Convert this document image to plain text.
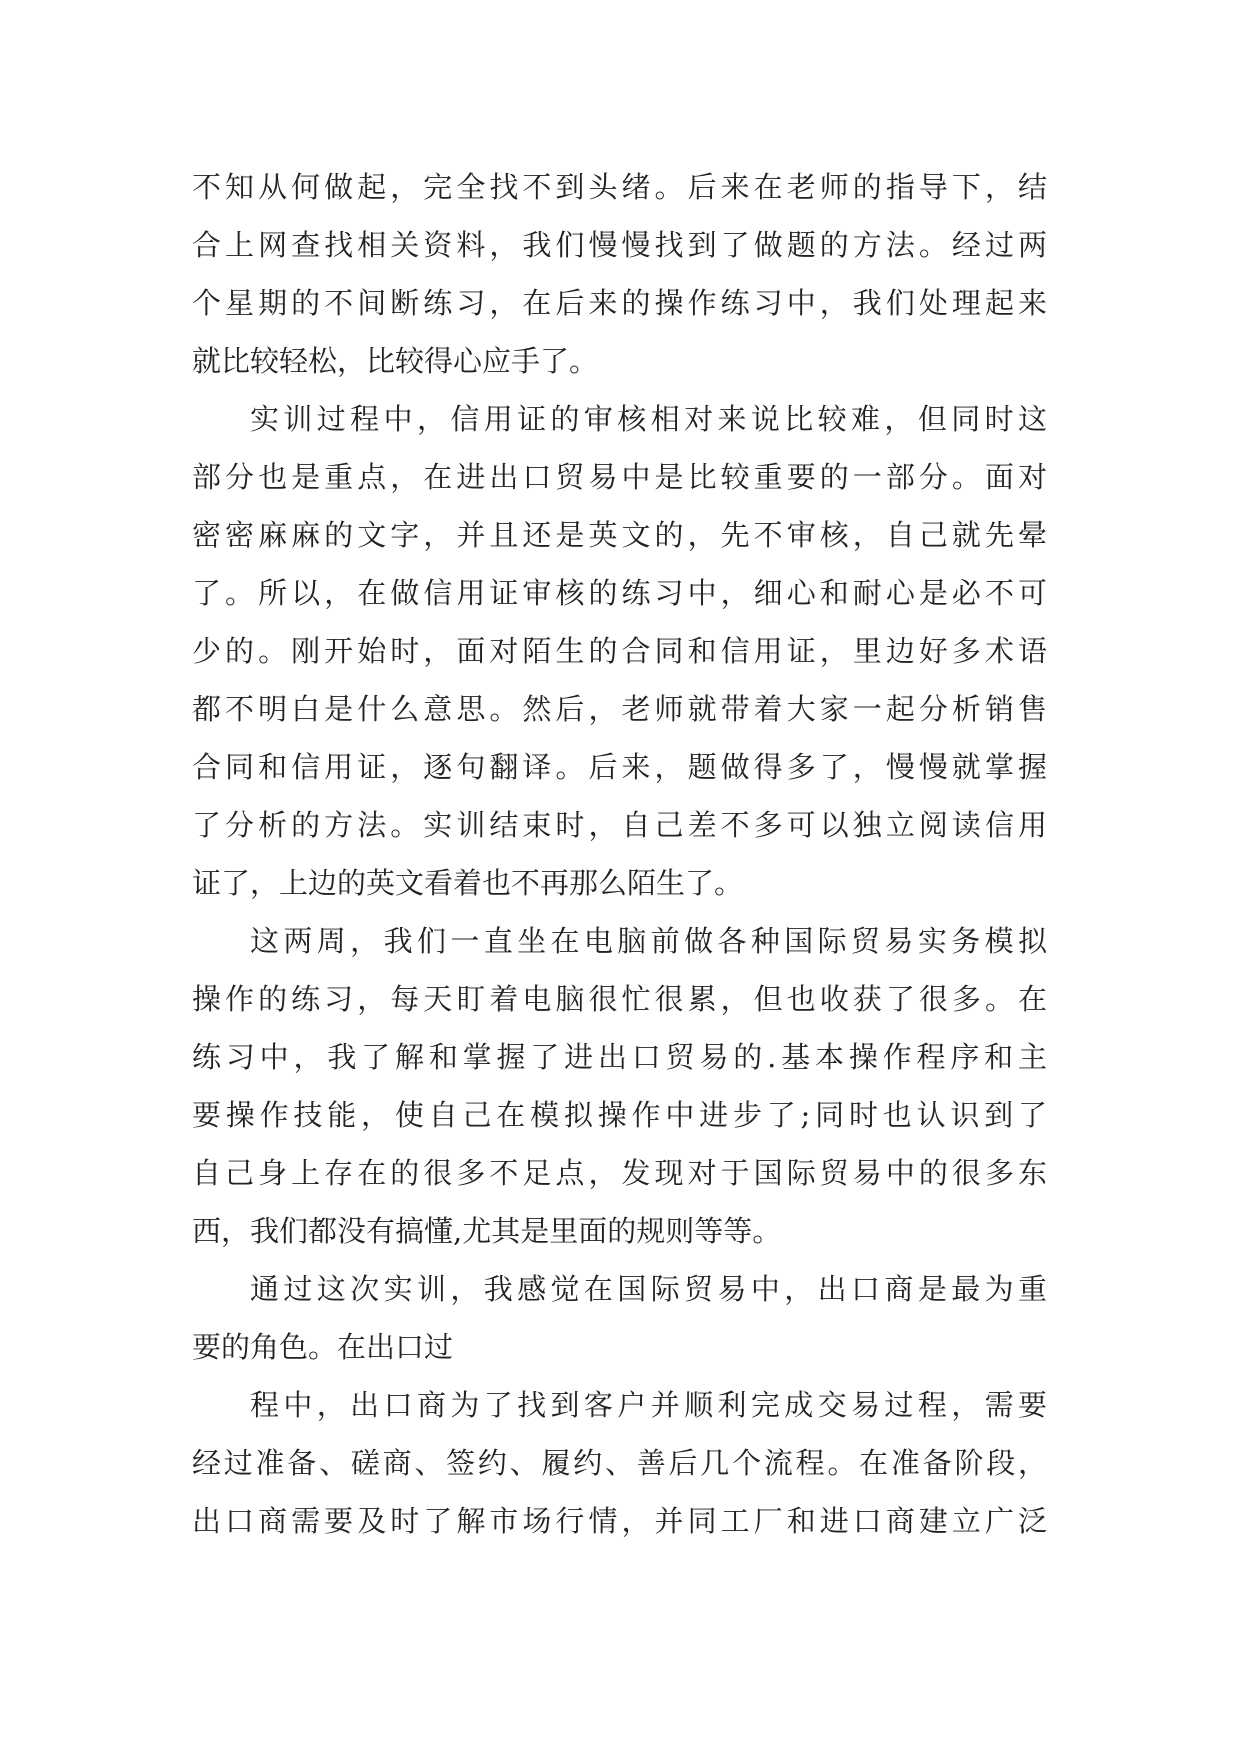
不知从何做起，完全找不到头绪。后来在老师的指导下，结
合上网查找相关资料，我们慢慢找到了做题的方法。经过两
个星期的不间断练习，在后来的操作练习中，我们处理起来
就比较轻松，比较得心应手了。
实训过程中，信用证的审核相对来说比较难，但同时这
部分也是重点，在进出口贸易中是比较重要的一部分。面对
密密麻麻的文字，并且还是英文的，先不审核，自己就先晕
了。所以，在做信用证审核的练习中，细心和耐心是必不可
少的。刚开始时，面对陌生的合同和信用证，里边好多术语
都不明白是什么意思。然后，老师就带着大家一起分析销售
合同和信用证，逐句翻译。后来，题做得多了，慢慢就掌握
了分析的方法。实训结束时，自己差不多可以独立阅读信用
证了，上边的英文看着也不再那么陌生了。
这两周，我们一直坐在电脑前做各种国际贸易实务模拟
操作的练习，每天盯着电脑很忙很累，但也收获了很多。在
练习中，我了解和掌握了进出口贸易的.基本操作程序和主
要操作技能，使自己在模拟操作中进步了;同时也认识到了
自己身上存在的很多不足点，发现对于国际贸易中的很多东
西，我们都没有搞懂,尤其是里面的规则等等。
通过这次实训，我感觉在国际贸易中，出口商是最为重
要的角色。在出口过
程中，出口商为了找到客户并顺利完成交易过程，需要
经过准备、磋商、签约、履约、善后几个流程。在准备阶段，
出口商需要及时了解市场行情，并同工厂和进口商建立广泛
